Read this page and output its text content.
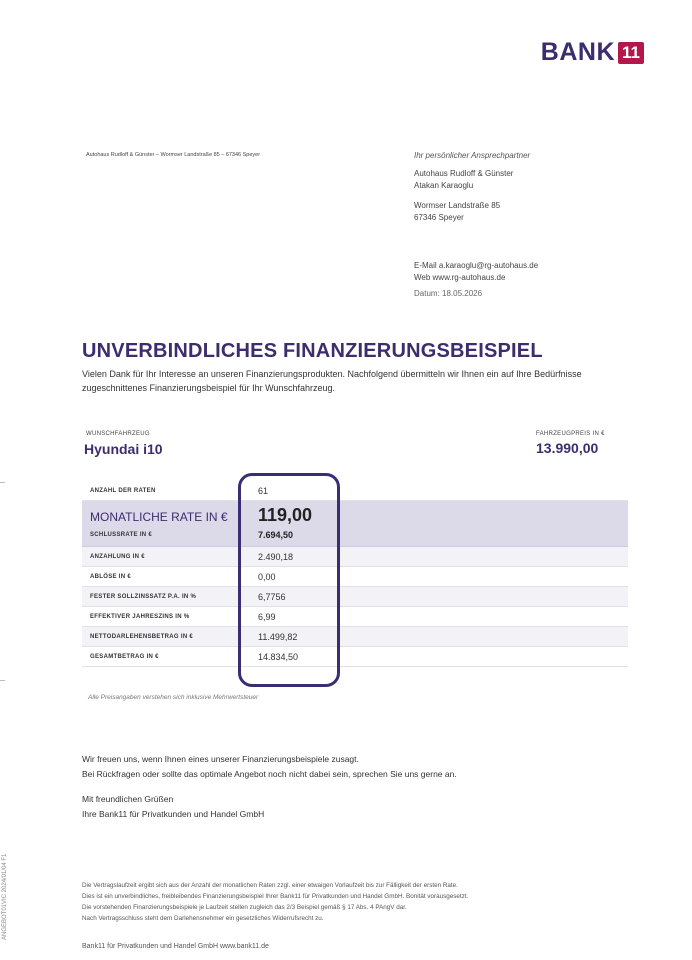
BANK 11
Autohaus Rudloff & Günster – Wormser Landstraße 85 – 67346 Speyer	Ihr persönlicher Ansprechpartner
Autohaus Rudloff & Günster
Atakan Karaoglu
Wormser Landstraße 85
67346 Speyer
E-Mail a.karaoglu@rg-autohaus.de
Web www.rg-autohaus.de
Datum: 18.05.2026
UNVERBINDLICHES FINANZIERUNGSBEISPIEL
Vielen Dank für Ihr Interesse an unseren Finanzierungsprodukten. Nachfolgend übermitteln wir Ihnen ein auf Ihre Bedürfnisse zugeschnittenes Finanzierungsbeispiel für Ihr Wunschfahrzeug.
WUNSCHFAHRZEUG
Hyundai i10
FAHRZEUGPREIS IN €
13.990,00
ANZAHL DER RATEN	61
MONATLICHE RATE IN € 119,00
SCHLUSSRATE IN €	7.694,50
ANZAHLUNG IN €	2.490,18
ABLÖSE IN €	0,00
FESTER SOLLZINSSATZ P.A. IN %	6,7756
EFFEKTIVER JAHRESZINS IN %	6,99
NETTODARLEHENSBETRAG IN €	11.499,82
GESAMTBETRAG IN €	14.834,50
Alle Preisangaben verstehen sich inklusive Mehrwertsteuer
Wir freuen uns, wenn Ihnen eines unserer Finanzierungsbeispiele zusagt.
Bei Rückfragen oder sollte das optimale Angebot noch nicht dabei sein, sprechen Sie uns gerne an.
Mit freundlichen Grüßen
Ihre Bank11 für Privatkunden und Handel GmbH
Die Vertragslaufzeit ergibt sich aus der Anzahl der monatlichen Raten zzgl. einer etwaigen Vorlaufzeit bis zur Fälligkeit der ersten Rate.
Dies ist ein unverbindliches, freibleibendes Finanzierungsbeispiel Ihrer Bank11 für Privatkunden und Handel GmbH. Bonität vorausgesetzt.
Die vorstehenden Finanzierungsbeispiele je Laufzeit stellen zugleich das 2/3 Beispiel gemäß § 17 Abs. 4 PAngV dar.
Nach Vertragsschluss steht dem Darlehensnehmer ein gesetzliches Widerrufsrecht zu.
Bank11 für Privatkunden und Handel GmbH www.bank11.de
ANGEBOT01VIC 2024/01/04 F1
